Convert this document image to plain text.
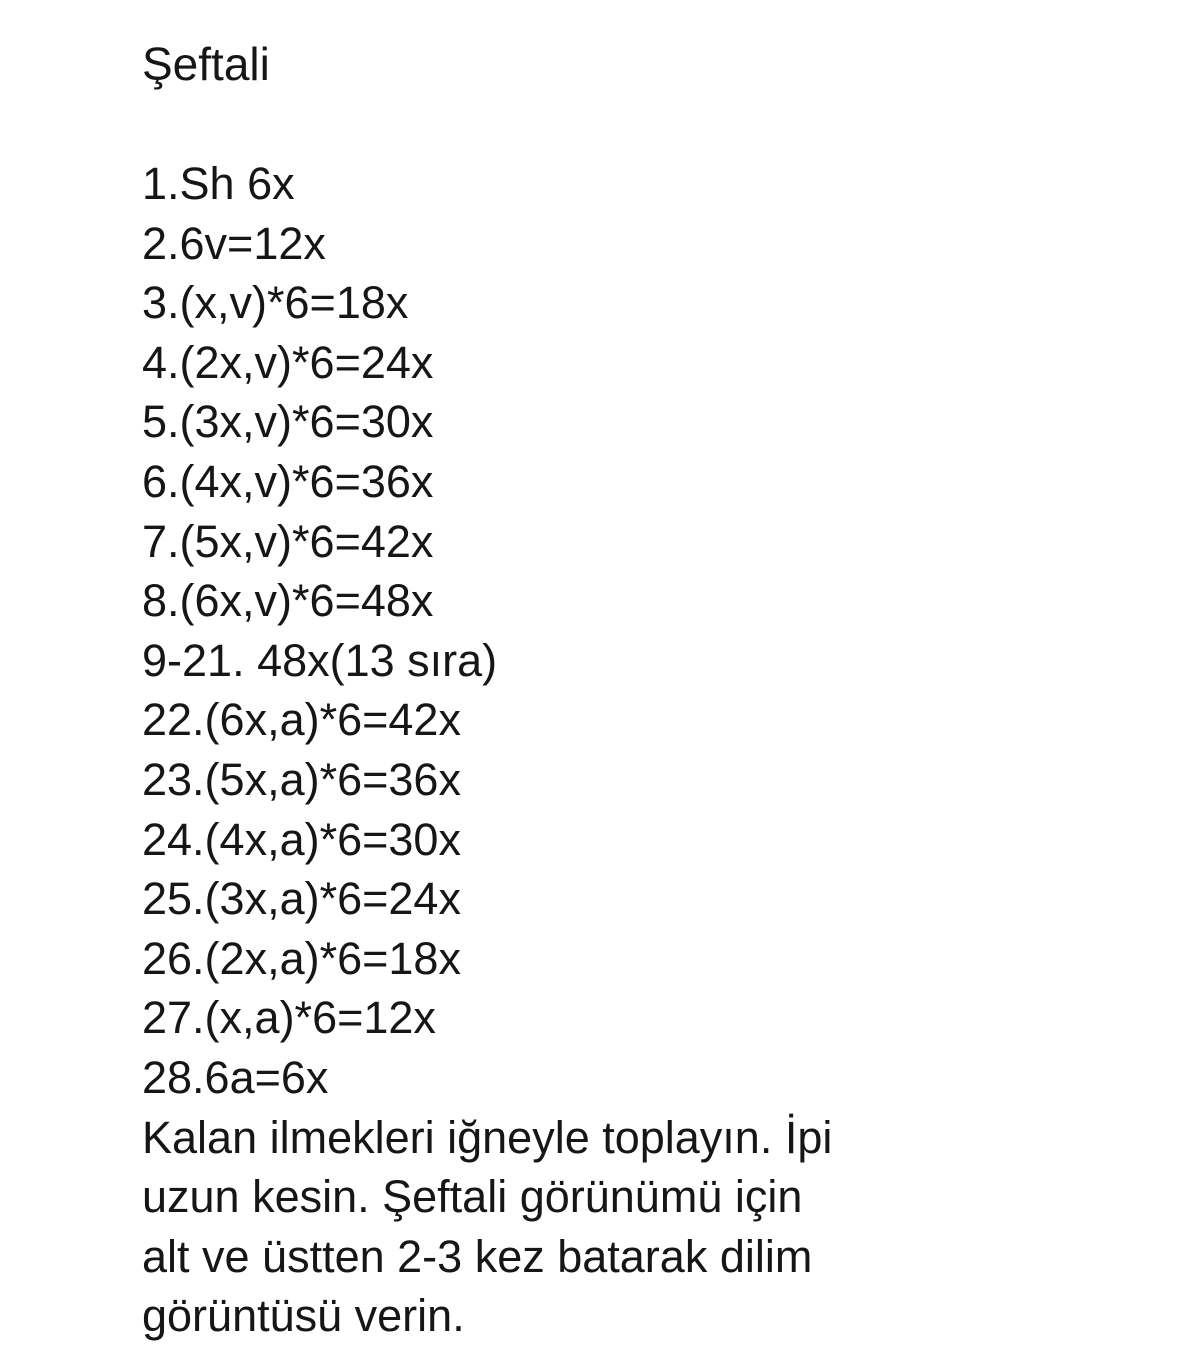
Şeftali
1.Sh 6x
2.6v=12x
3.(x,v)*6=18x
4.(2x,v)*6=24x
5.(3x,v)*6=30x
6.(4x,v)*6=36x
7.(5x,v)*6=42x
8.(6x,v)*6=48x
9-21. 48x(13 sıra)
22.(6x,a)*6=42x
23.(5x,a)*6=36x
24.(4x,a)*6=30x
25.(3x,a)*6=24x
26.(2x,a)*6=18x
27.(x,a)*6=12x
28.6a=6x
Kalan ilmekleri iğneyle toplayın. İpi
uzun kesin. Şeftali görünümü için
alt ve üstten 2-3 kez batarak dilim
görüntüsü verin.
